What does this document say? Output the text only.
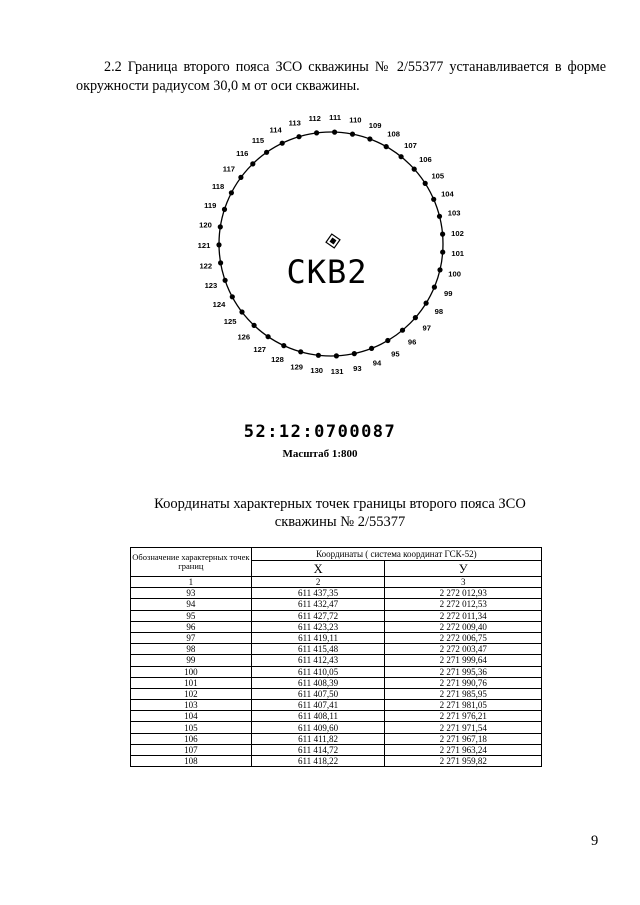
2.2 Граница второго пояса ЗСО скважины № 2/55377 устанавливается в форме окружности радиусом 30,0 м от оси скважины.
СКВ2
93
94
95
96
97
98
99
100
101
102
103
104
105
106
107
108
109
110
111
112
113
114
115
116
117
118
119
120
121
122
123
124
125
126
127
128
129 130 131
52:12:0700087
Масштаб 1:800
Координаты характерных точек границы второго пояса ЗСО скважины № 2/55377
Обозначение характерных точек границ	Координаты ( система координат ГСК-52)	
	X	У
1	2	3
93	611 437,35	2 272 012,93
94	611 432,47	2 272 012,53
95	611 427,72	2 272 011,34
96	611 423,23	2 272 009,40
97	611 419,11	2 272 006,75
98	611 415,48	2 272 003,47
99	611 412,43	2 271 999,64
100	611 410,05	2 271 995,36
101	611 408,39	2 271 990,76
102	611 407,50	2 271 985,95
103	611 407,41	2 271 981,05
104	611 408,11	2 271 976,21
105	611 409,60	2 271 971,54
106	611 411,82	2 271 967,18
107	611 414,72	2 271 963,24
108	611 418,22	2 271 959,82
9
